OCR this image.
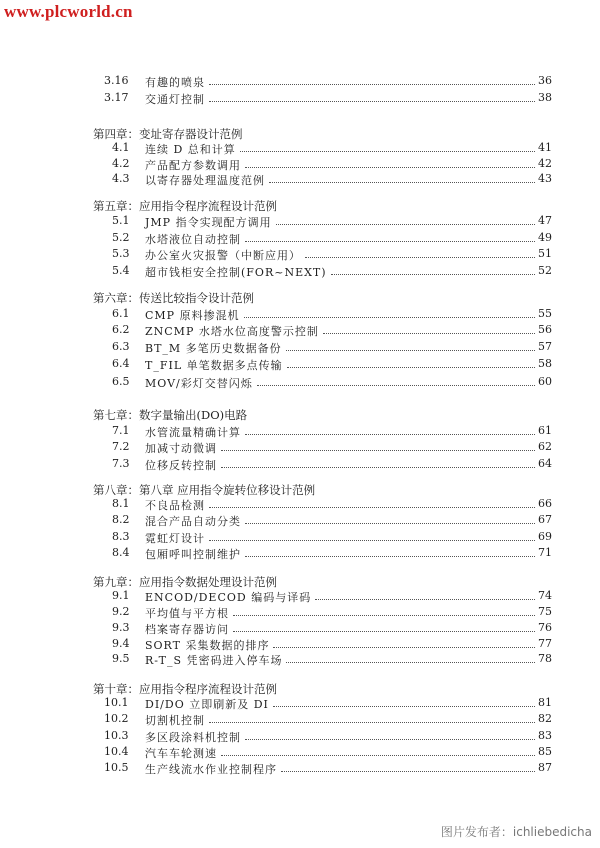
www.plcworld.cn
3.16 有趣的喷泉	36
3.17 交通灯控制	38
第四章：变址寄存器设计范例
4.1 连续 D 总和计算	41
4.2 产品配方参数调用	42
4.3 以寄存器处理温度范例	43
第五章：应用指令程序流程设计范例
5.1 JMP 指令实现配方调用	47
5.2 水塔液位自动控制	49
5.3 办公室火灾报警（中断应用）	51
5.4 超市钱柜安全控制(FOR~NEXT)	52
第六章：传送比较指令设计范例
6.1 CMP 原料掺混机	55
6.2 ZNCMP 水塔水位高度警示控制	56
6.3 BT_M 多笔历史数据备份	57
6.4 T_FIL 单笔数据多点传输	58
6.5 MOV/彩灯交替闪烁	60
第七章：数字量输出(DO)电路
7.1 水管流量精确计算	61
7.2 加减寸动微调	62
7.3 位移反转控制	64
第八章：第八章 应用指令旋转位移设计范例
8.1 不良品检测	66
8.2 混合产品自动分类	67
8.3 霓虹灯设计	69
8.4 包厢呼叫控制维护	71
第九章：应用指令数据处理设计范例
9.1 ENCOD/DECOD 编码与译码	74
9.2 平均值与平方根	75
9.3 档案寄存器访问	76
9.4 SORT 采集数据的排序	77
9.5 R-T_S 凭密码进入停车场	78
第十章：应用指令程序流程设计范例
10.1 DI/DO 立即刷新及 DI	81
10.2 切割机控制	82
10.3 多区段涂料机控制	83
10.4 汽车车轮测速	85
10.5 生产线流水作业控制程序	87
图片发布者：ichliebedicha
